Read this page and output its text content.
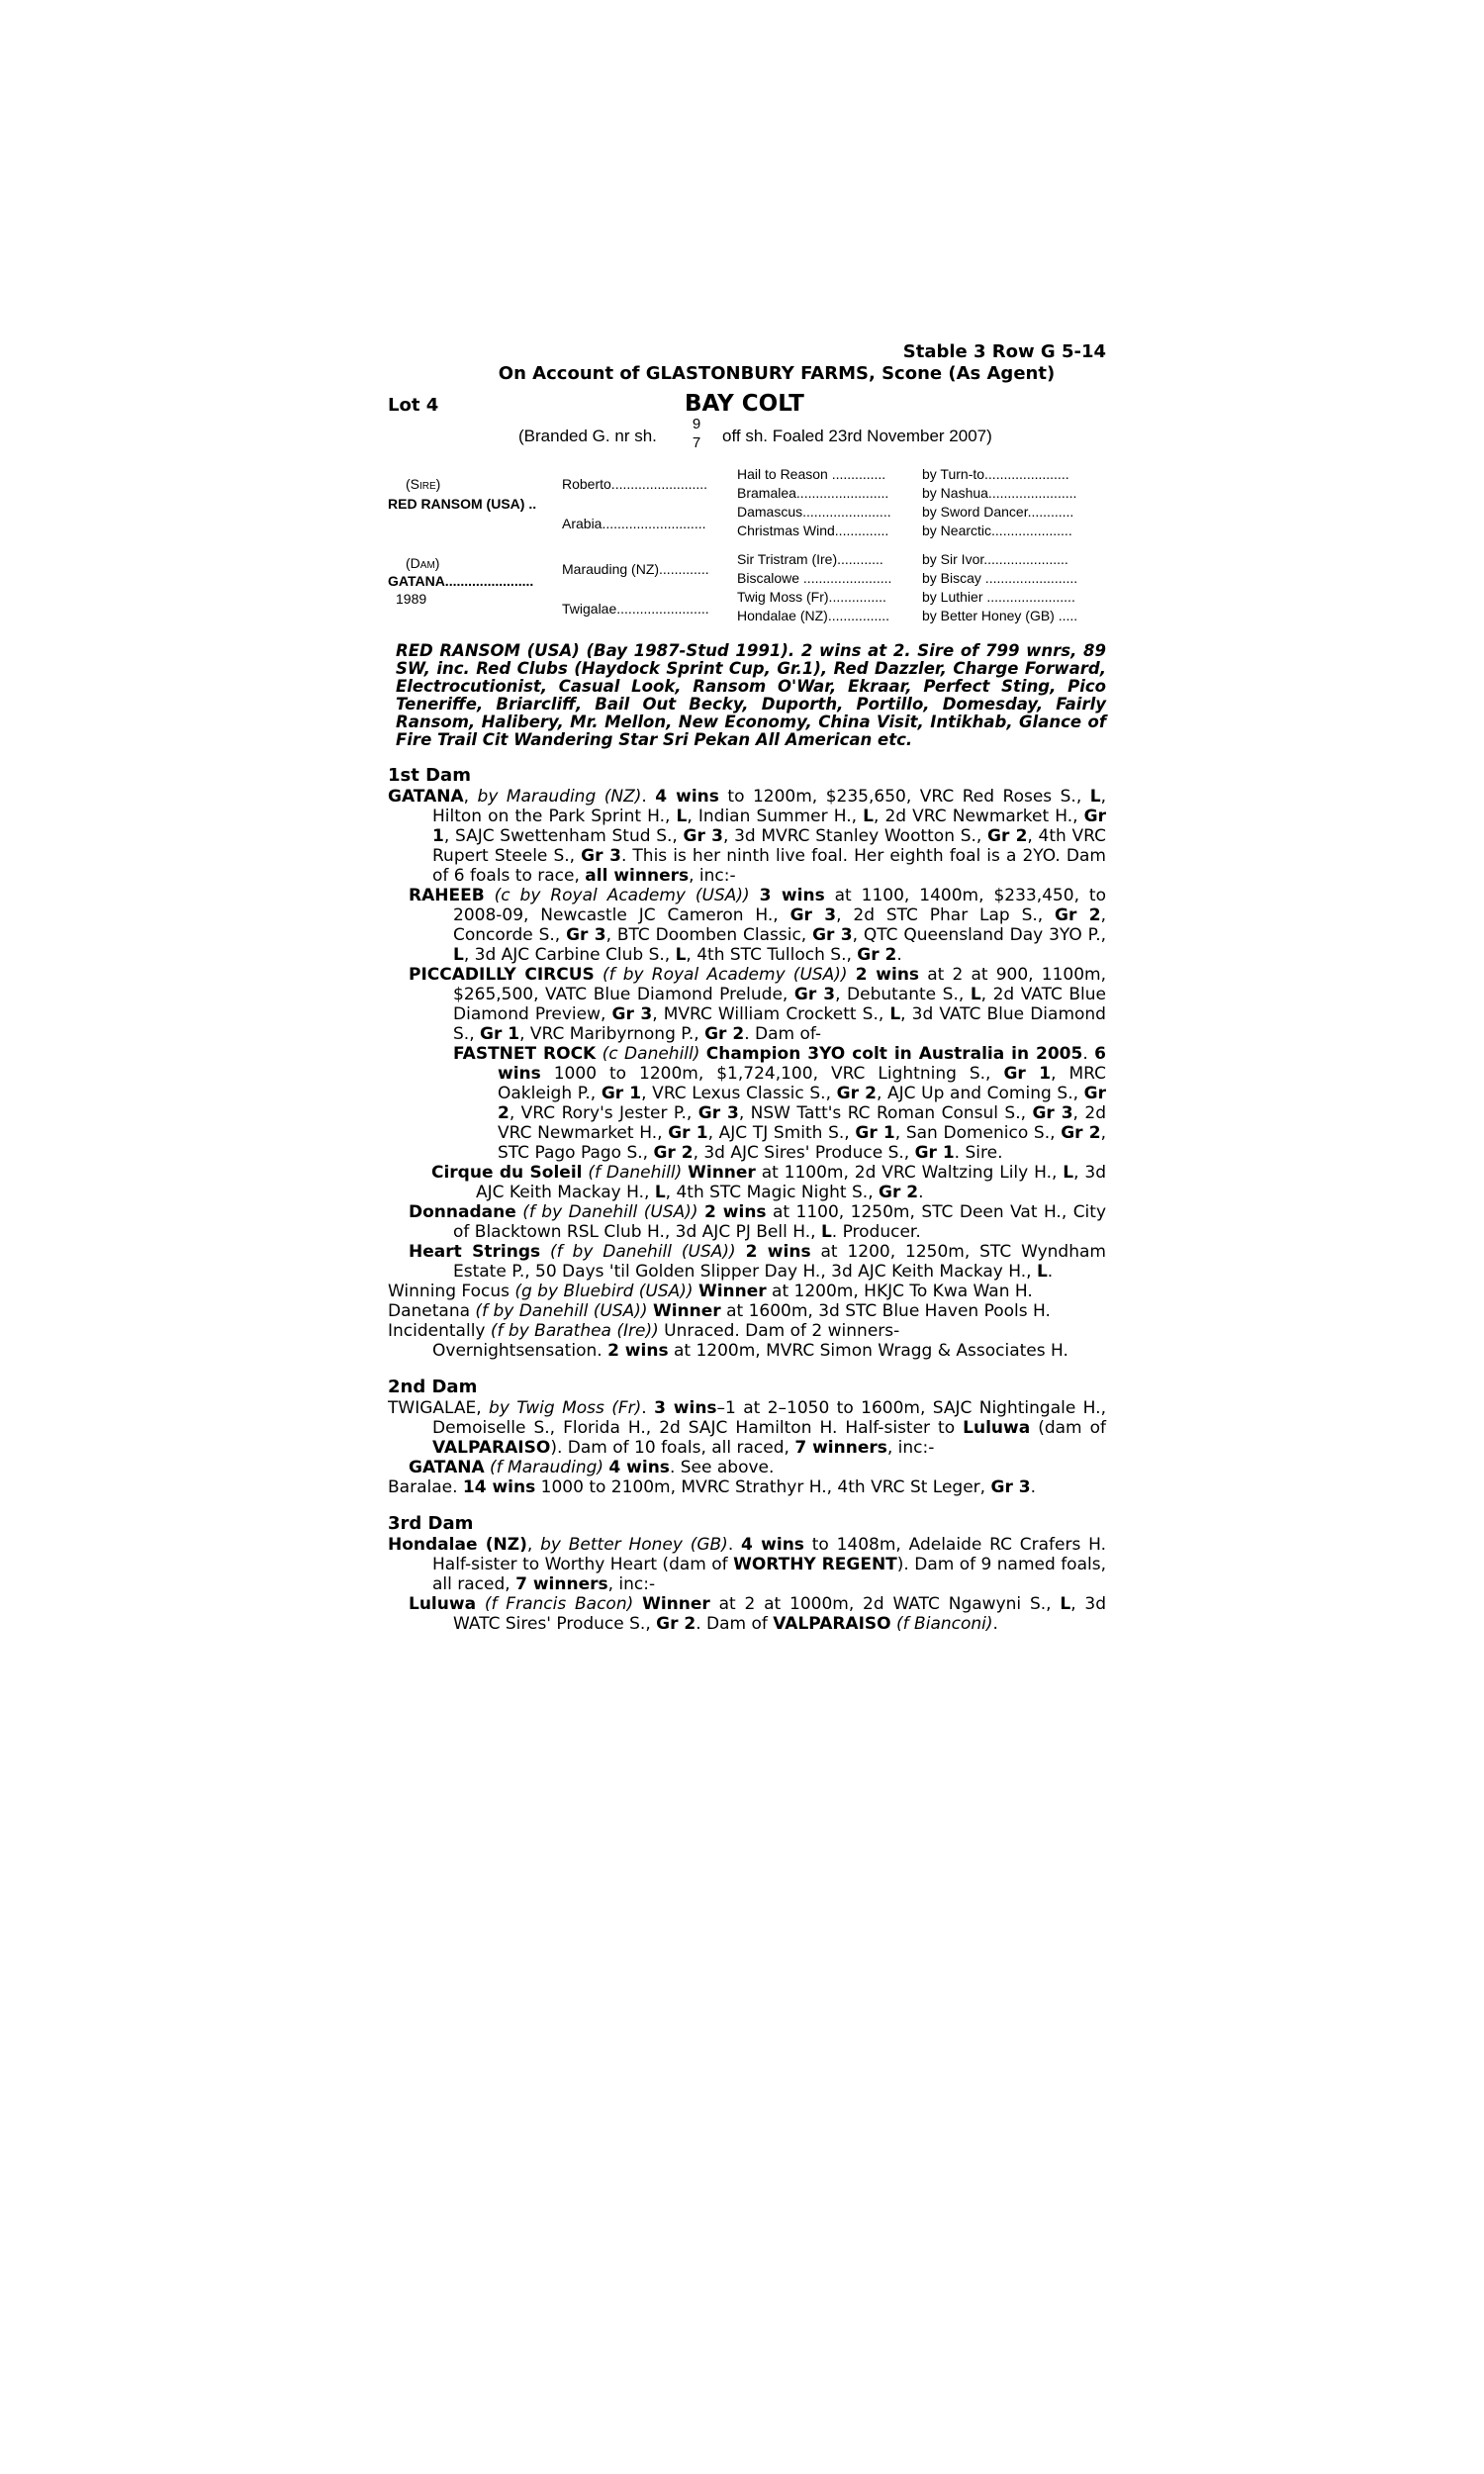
Stable 3 Row G 5-14
On Account of GLASTONBURY FARMS, Scone (As Agent)
Lot 4	BAY COLT
(Branded G. nr sh.
9
7 off sh. Foaled 23rd November 2007)
(Sire)
RED RANSOM (USA) ..
(Dam)
GATANA.......................
1989
Roberto.........................
Arabia...........................
Marauding (NZ).............
Twigalae........................
Hail to Reason ..............
Bramalea........................
Damascus.......................
Christmas Wind..............
Sir Tristram (Ire)............
Biscalowe .......................
Twig Moss (Fr)...............
Hondalae (NZ)................
by Turn-to......................
by Nashua.......................
by Sword Dancer............
by Nearctic.....................
by Sir Ivor......................
by Biscay ........................
by Luthier .......................
by Better Honey (GB) .....
RED RANSOM (USA) (Bay 1987-Stud 1991). 2 wins at 2. Sire of 799 wnrs, 89 SW, inc. Red Clubs (Haydock Sprint Cup, Gr.1), Red Dazzler, Charge Forward, Electrocutionist, Casual Look, Ransom O'War, Ekraar, Perfect Sting, Pico Teneriffe, Briarcliff, Bail Out Becky, Duporth, Portillo, Domesday, Fairly Ransom, Halibery, Mr. Mellon, New Economy, China Visit, Intikhab, Glance of Fire Trail Cit Wandering Star Sri Pekan All American etc.
1st Dam
GATANA, by Marauding (NZ). 4 wins to 1200m, $235,650, VRC Red Roses S., L, Hilton on the Park Sprint H., L, Indian Summer H., L, 2d VRC Newmarket H., Gr 1, SAJC Swettenham Stud S., Gr 3, 3d MVRC Stanley Wootton S., Gr 2, 4th VRC Rupert Steele S., Gr 3. This is her ninth live foal. Her eighth foal is a 2YO. Dam of 6 foals to race, all winners, inc:-
RAHEEB (c by Royal Academy (USA)) 3 wins at 1100, 1400m, $233,450, to 2008-09, Newcastle JC Cameron H., Gr 3, 2d STC Phar Lap S., Gr 2, Concorde S., Gr 3, BTC Doomben Classic, Gr 3, QTC Queensland Day 3YO P., L, 3d AJC Carbine Club S., L, 4th STC Tulloch S., Gr 2.
PICCADILLY CIRCUS (f by Royal Academy (USA)) 2 wins at 2 at 900, 1100m, $265,500, VATC Blue Diamond Prelude, Gr 3, Debutante S., L, 2d VATC Blue Diamond Preview, Gr 3, MVRC William Crockett S., L, 3d VATC Blue Diamond S., Gr 1, VRC Maribyrnong P., Gr 2. Dam of-
FASTNET ROCK (c Danehill) Champion 3YO colt in Australia in 2005. 6 wins 1000 to 1200m, $1,724,100, VRC Lightning S., Gr 1, MRC Oakleigh P., Gr 1, VRC Lexus Classic S., Gr 2, AJC Up and Coming S., Gr 2, VRC Rory's Jester P., Gr 3, NSW Tatt's RC Roman Consul S., Gr 3, 2d VRC Newmarket H., Gr 1, AJC TJ Smith S., Gr 1, San Domenico S., Gr 2, STC Pago Pago S., Gr 2, 3d AJC Sires' Produce S., Gr 1. Sire.
Cirque du Soleil (f Danehill) Winner at 1100m, 2d VRC Waltzing Lily H., L, 3d AJC Keith Mackay H., L, 4th STC Magic Night S., Gr 2.
Donnadane (f by Danehill (USA)) 2 wins at 1100, 1250m, STC Deen Vat H., City of Blacktown RSL Club H., 3d AJC PJ Bell H., L. Producer.
Heart Strings (f by Danehill (USA)) 2 wins at 1200, 1250m, STC Wyndham Estate P., 50 Days 'til Golden Slipper Day H., 3d AJC Keith Mackay H., L.
Winning Focus (g by Bluebird (USA)) Winner at 1200m, HKJC To Kwa Wan H.
Danetana (f by Danehill (USA)) Winner at 1600m, 3d STC Blue Haven Pools H.
Incidentally (f by Barathea (Ire)) Unraced. Dam of 2 winners-
Overnightsensation. 2 wins at 1200m, MVRC Simon Wragg & Associates H.
2nd Dam
TWIGALAE, by Twig Moss (Fr). 3 wins–1 at 2–1050 to 1600m, SAJC Nightingale H., Demoiselle S., Florida H., 2d SAJC Hamilton H. Half-sister to Luluwa (dam of VALPARAISO). Dam of 10 foals, all raced, 7 winners, inc:-
GATANA (f Marauding) 4 wins. See above.
Baralae. 14 wins 1000 to 2100m, MVRC Strathyr H., 4th VRC St Leger, Gr 3.
3rd Dam
Hondalae (NZ), by Better Honey (GB). 4 wins to 1408m, Adelaide RC Crafers H. Half-sister to Worthy Heart (dam of WORTHY REGENT). Dam of 9 named foals, all raced, 7 winners, inc:-
Luluwa (f Francis Bacon) Winner at 2 at 1000m, 2d WATC Ngawyni S., L, 3d WATC Sires' Produce S., Gr 2. Dam of VALPARAISO (f Bianconi).
